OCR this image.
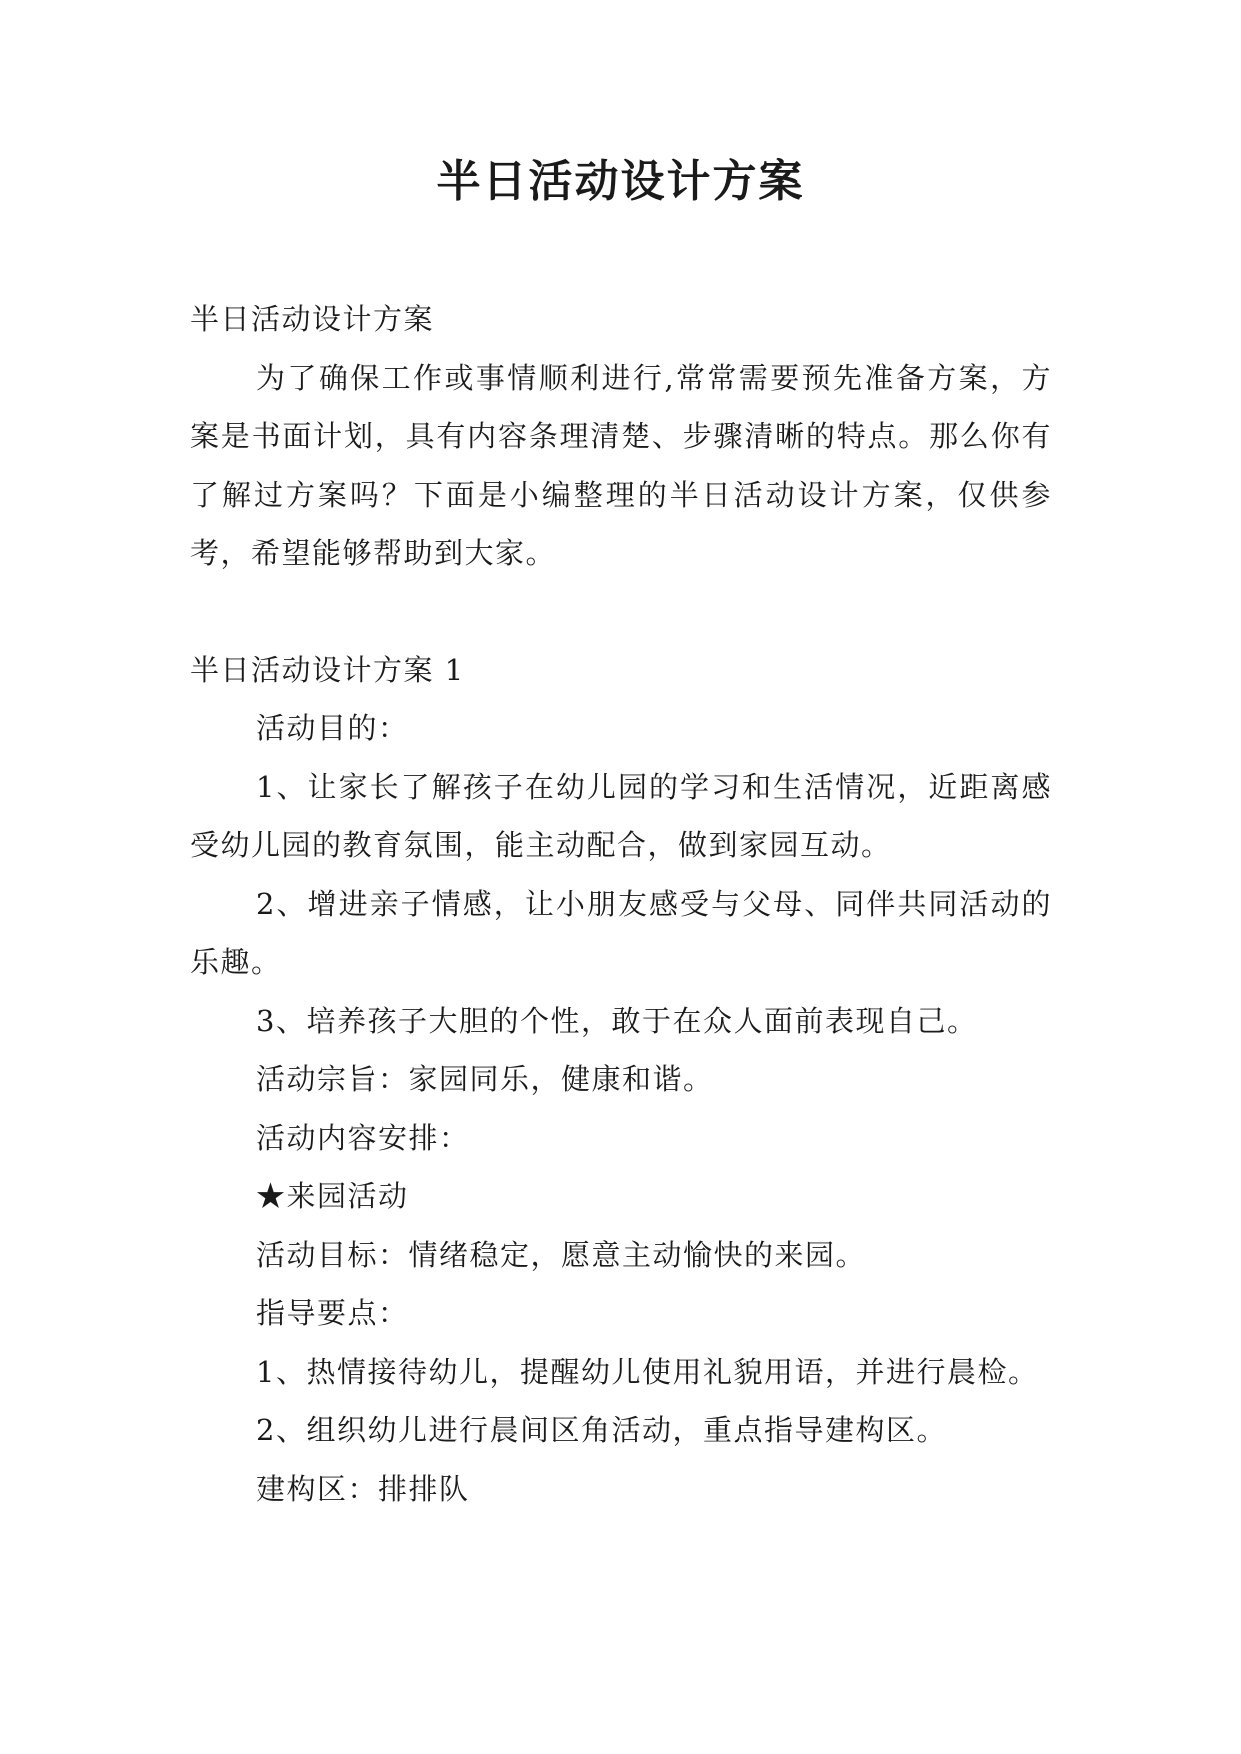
半日活动设计方案

半日活动设计方案

为了确保工作或事情顺利进行,常常需要预先准备方案，方案是书面计划，具有内容条理清楚、步骤清晰的特点。那么你有了解过方案吗？下面是小编整理的半日活动设计方案，仅供参考，希望能够帮助到大家。

半日活动设计方案 1

活动目的：

1、让家长了解孩子在幼儿园的学习和生活情况，近距离感受幼儿园的教育氛围，能主动配合，做到家园互动。

2、增进亲子情感，让小朋友感受与父母、同伴共同活动的乐趣。

3、培养孩子大胆的个性，敢于在众人面前表现自己。

活动宗旨：家园同乐，健康和谐。

活动内容安排：

★来园活动

活动目标：情绪稳定，愿意主动愉快的来园。

指导要点：

1、热情接待幼儿，提醒幼儿使用礼貌用语，并进行晨检。

2、组织幼儿进行晨间区角活动，重点指导建构区。

建构区：排排队
